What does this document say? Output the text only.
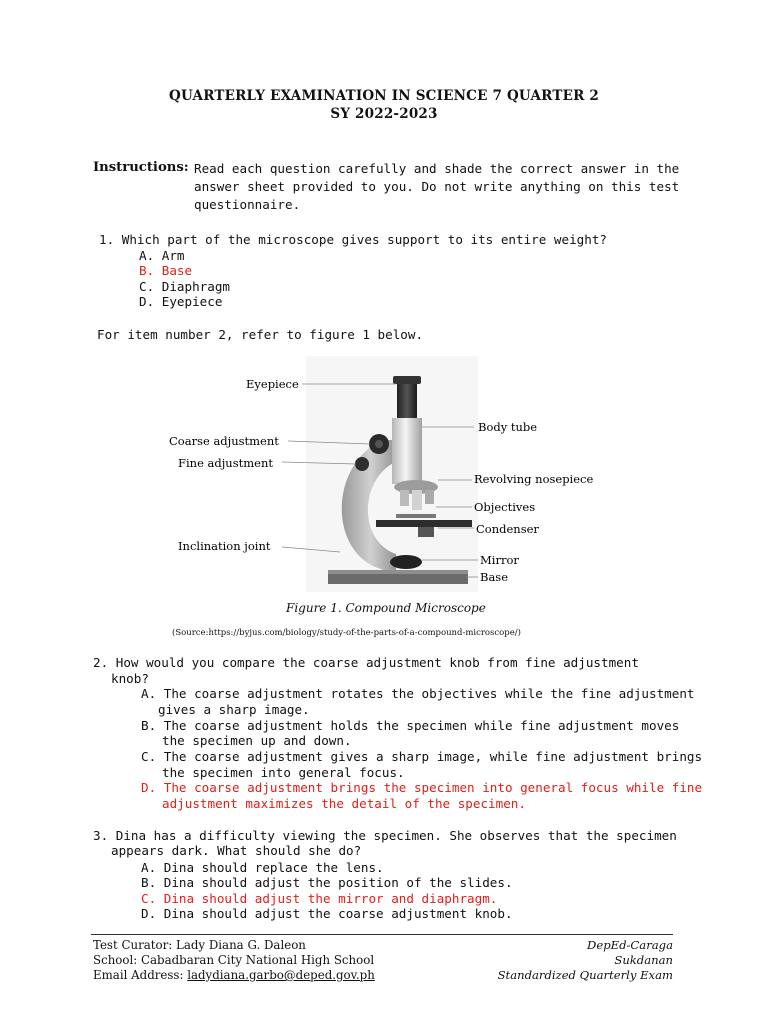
QUARTERLY EXAMINATION IN SCIENCE 7 QUARTER 2
SY 2022-2023
Instructions: Read each question carefully and shade the correct answer in the
answer sheet provided to you. Do not write anything on this test
questionnaire.
1. Which part of the microscope gives support to its entire weight?
A. Arm
B. Base
C. Diaphragm
D. Eyepiece
For item number 2, refer to figure 1 below.
Eyepiece
Coarse adjustment
Fine adjustment
Inclination joint
Body tube
Revolving nosepiece
Objectives
Condenser
Mirror
Base
Figure 1. Compound Microscope
(Source:https://byjus.com/biology/study-of-the-parts-of-a-compound-microscope/)
2. How would you compare the coarse adjustment knob from fine adjustment
knob?
A. The coarse adjustment rotates the objectives while the fine adjustment
gives a sharp image.
B. The coarse adjustment holds the specimen while fine adjustment moves
the specimen up and down.
C. The coarse adjustment gives a sharp image, while fine adjustment brings
the specimen into general focus.
D. The coarse adjustment brings the specimen into general focus while fine
adjustment maximizes the detail of the specimen.
3. Dina has a difficulty viewing the specimen. She observes that the specimen
appears dark. What should she do?
A. Dina should replace the lens.
B. Dina should adjust the position of the slides.
C. Dina should adjust the mirror and diaphragm.
D. Dina should adjust the coarse adjustment knob.
Test Curator: Lady Diana G. Daleon
School: Cabadbaran City National High School
Email Address: ladydiana.garbo@deped.gov.ph
DepEd-Caraga
Sukdanan
Standardized Quarterly Exam
